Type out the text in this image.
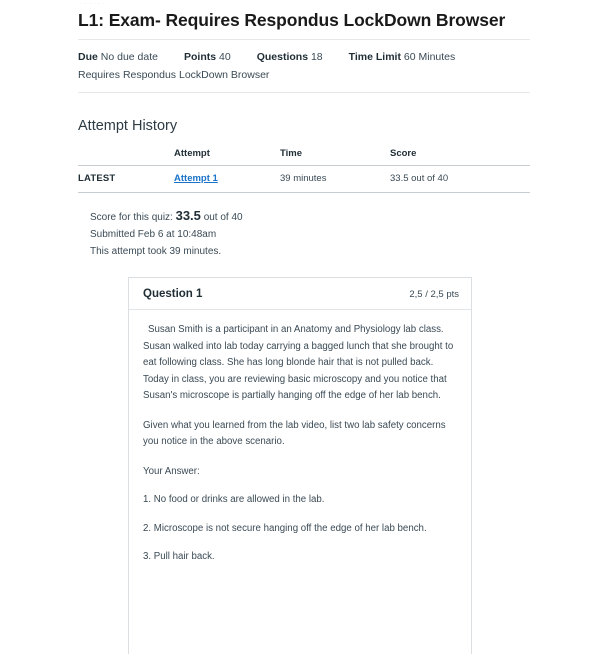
......
L1: Exam- Requires Respondus LockDown Browser
Due No due date Points 40 Questions 18 Time Limit 60 Minutes
Requires Respondus LockDown Browser
Attempt History
	Attempt	Time	Score
LATEST	Attempt 1	39 minutes	33.5 out of 40
Score for this quiz: 33.5 out of 40
Submitted Feb 6 at 10:48am
This attempt took 39 minutes.
Question 1	2,5 / 2,5 pts

Susan Smith is a participant in an Anatomy and Physiology lab class. Susan walked into lab today carrying a bagged lunch that she brought to eat following class. She has long blonde hair that is not pulled back. Today in class, you are reviewing basic microscopy and you notice that Susan's microscope is partially hanging off the edge of her lab bench.

Given what you learned from the lab video, list two lab safety concerns you notice in the above scenario.

Your Answer:

1. No food or drinks are allowed in the lab.

2. Microscope is not secure hanging off the edge of her lab bench.

3. Pull hair back.
